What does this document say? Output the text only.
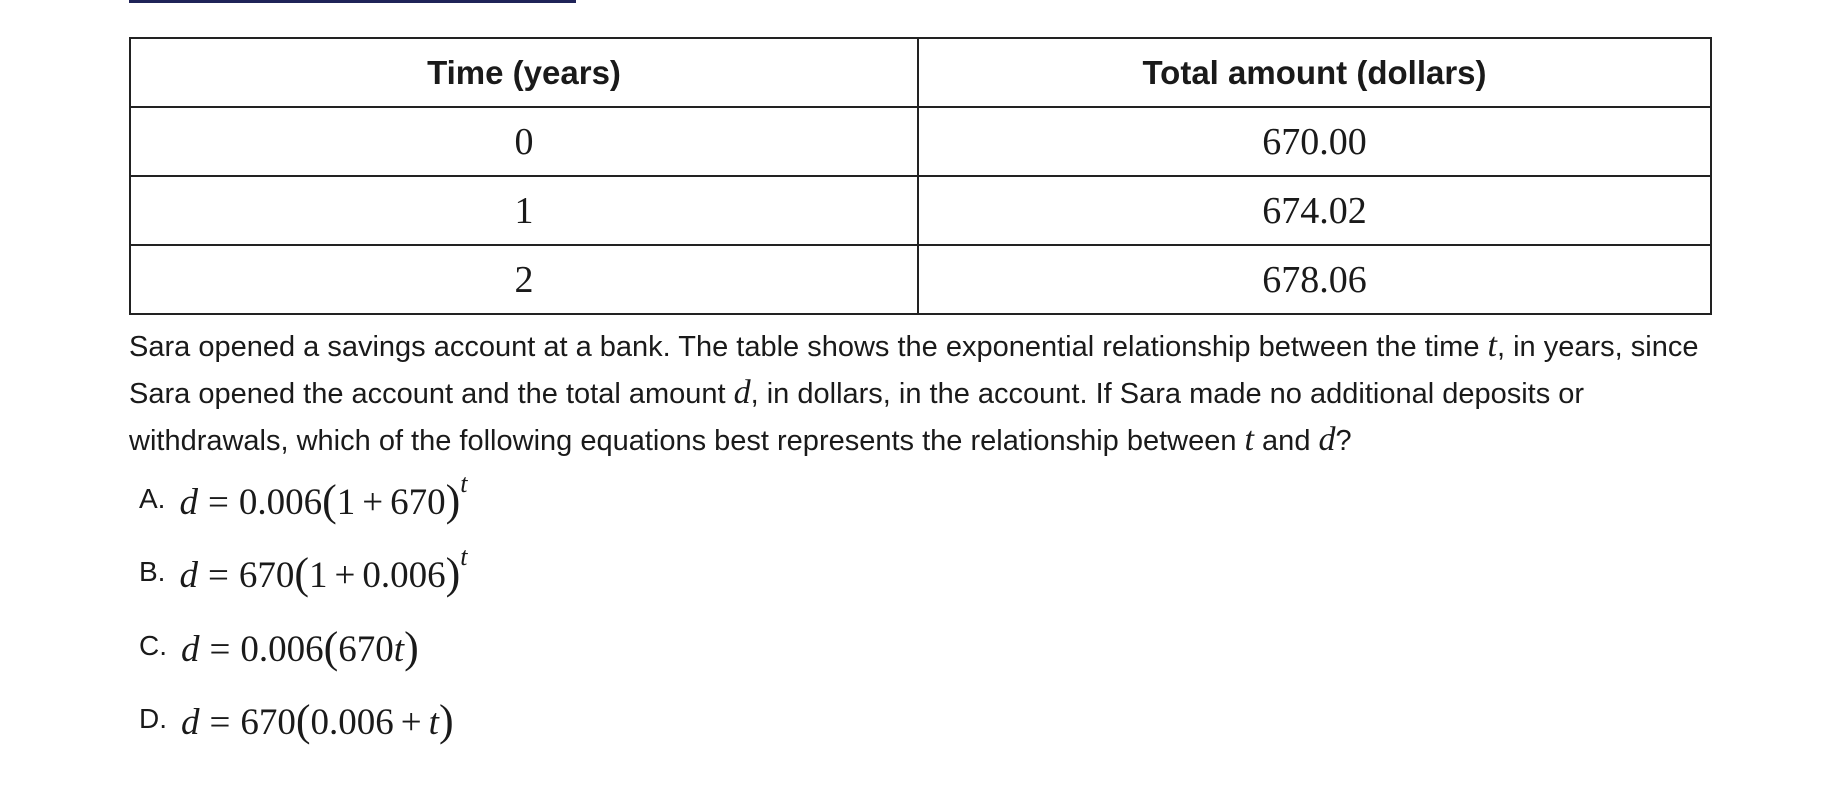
Time (years)	Total amount (dollars)
0	670.00
1	674.02
2	678.06
Sara opened a savings account at a bank. The table shows the exponential relationship between the time t, in years, since Sara opened the account and the total amount d, in dollars, in the account. If Sara made no additional deposits or withdrawals, which of the following equations best represents the relationship between t and d?
A. $d = 0.006(1 + 670)^t$
B. $d = 670(1 + 0.006)^t$
C. d = 0.006(670t)
D. d = 670(0.006 + t)
